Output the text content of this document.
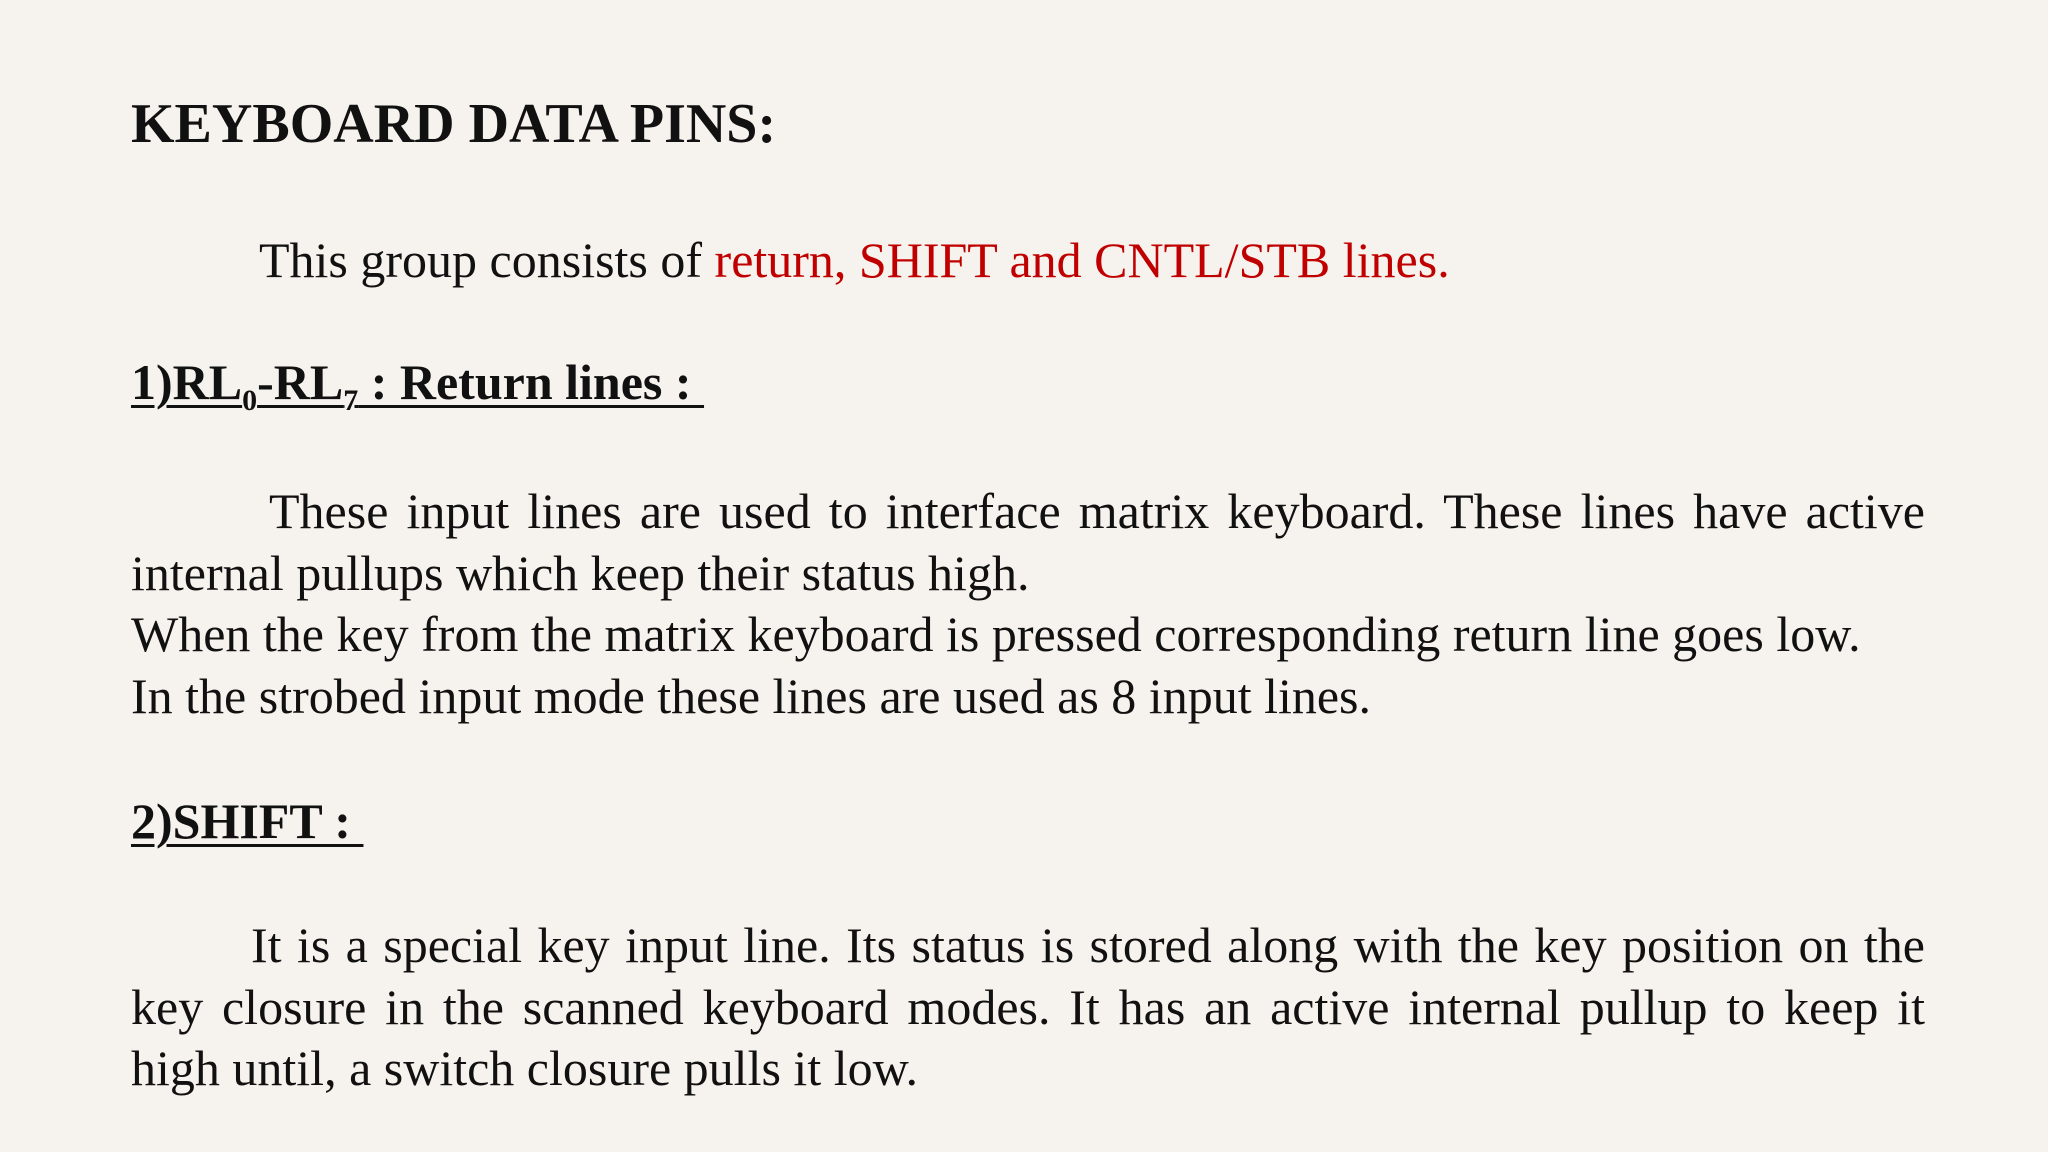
KEYBOARD DATA PINS:

This group consists of return, SHIFT and CNTL/STB lines.

$1)RL_0-RL_7$ : Return lines :
These input lines are used to interface matrix keyboard. These lines have active internal pullups which keep their status high.
When the key from the matrix keyboard is pressed corresponding return line goes low.
In the strobed input mode these lines are used as 8 input lines.
2)SHIFT :
It is a special key input line. Its status is stored along with the key position on the key closure in the scanned keyboard modes. It has an active internal pullup to keep it high until, a switch closure pulls it low.
